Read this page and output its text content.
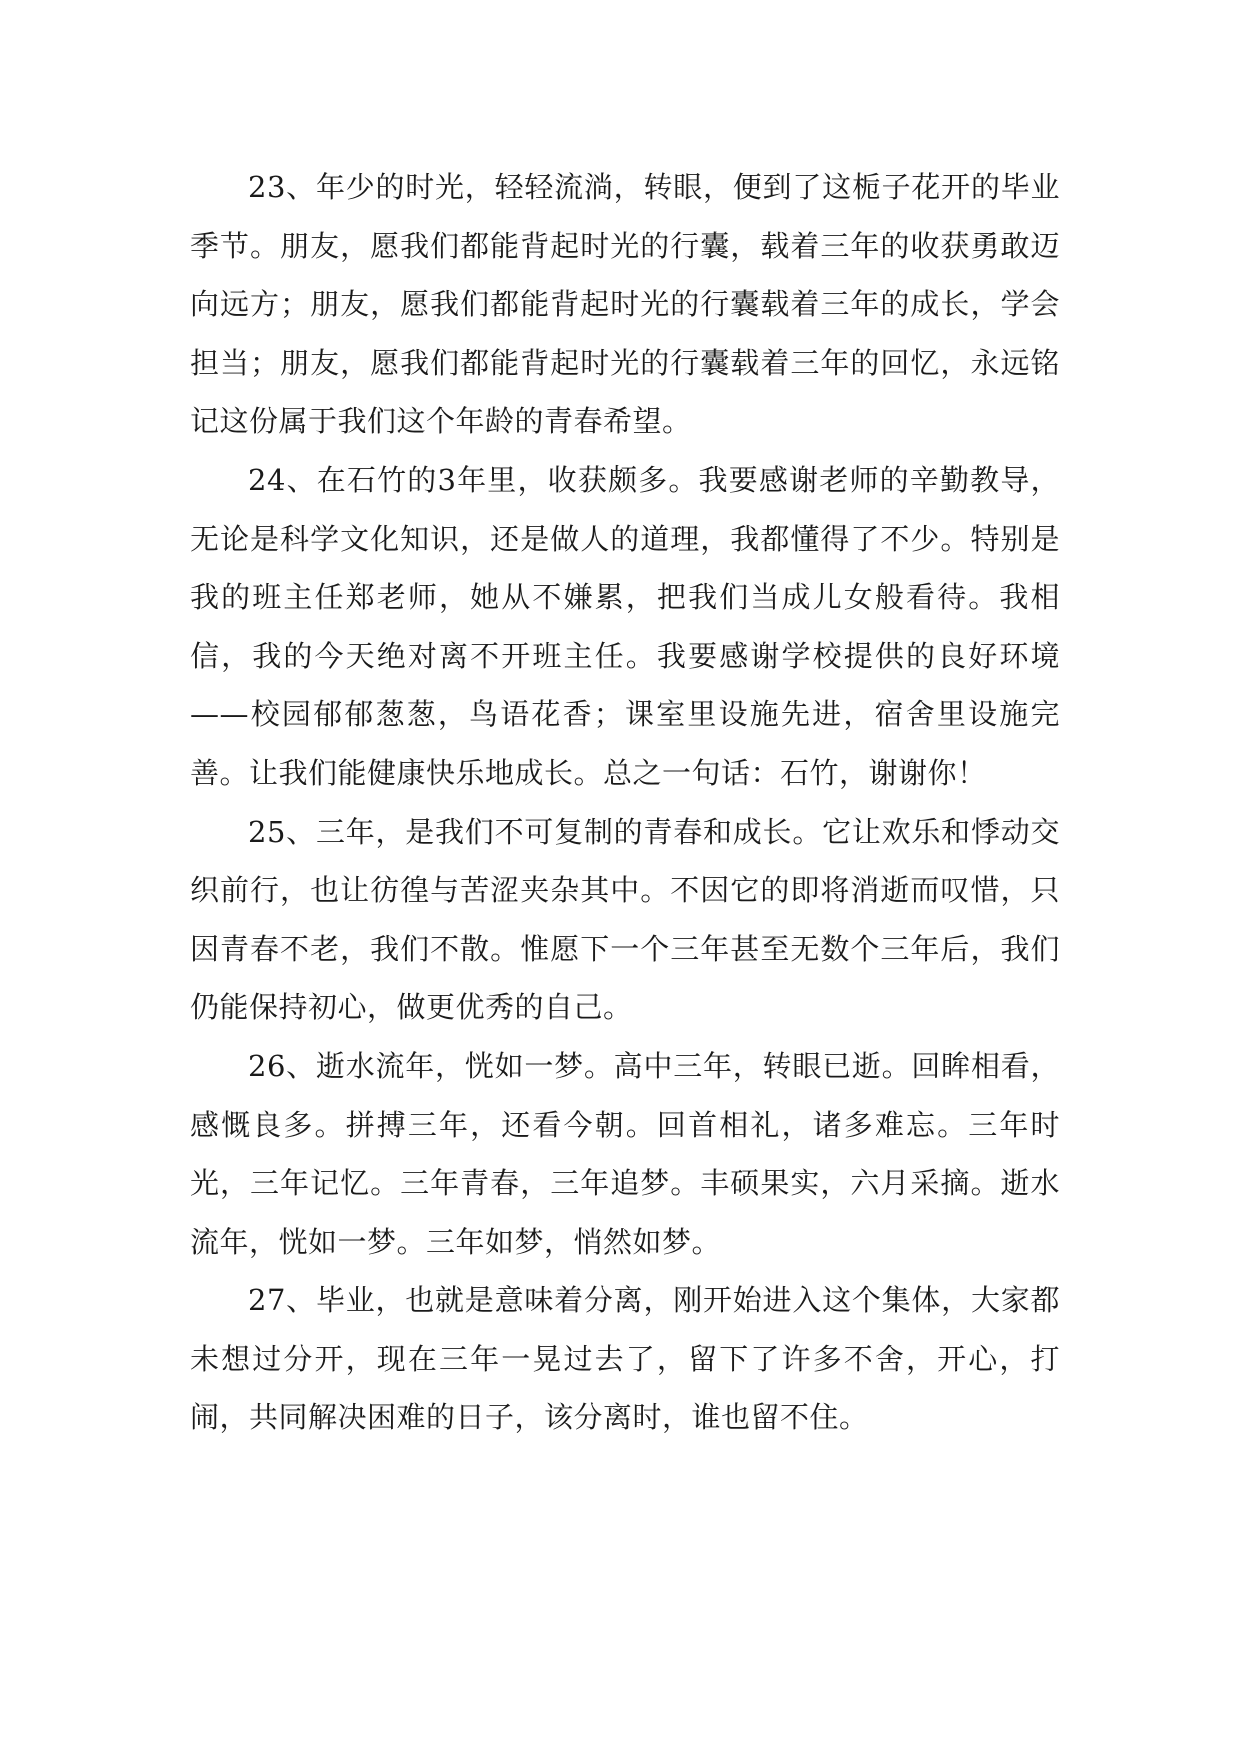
23、年少的时光，轻轻流淌，转眼，便到了这栀子花开的毕业季节。朋友，愿我们都能背起时光的行囊，载着三年的收获勇敢迈向远方；朋友，愿我们都能背起时光的行囊载着三年的成长，学会担当；朋友，愿我们都能背起时光的行囊载着三年的回忆，永远铭记这份属于我们这个年龄的青春希望。

24、在石竹的3年里，收获颇多。我要感谢老师的辛勤教导，无论是科学文化知识，还是做人的道理，我都懂得了不少。特别是我的班主任郑老师，她从不嫌累，把我们当成儿女般看待。我相信，我的今天绝对离不开班主任。我要感谢学校提供的良好环境——校园郁郁葱葱，鸟语花香；课室里设施先进，宿舍里设施完善。让我们能健康快乐地成长。总之一句话：石竹，谢谢你！

25、三年，是我们不可复制的青春和成长。它让欢乐和悸动交织前行，也让彷徨与苦涩夹杂其中。不因它的即将消逝而叹惜，只因青春不老，我们不散。惟愿下一个三年甚至无数个三年后，我们仍能保持初心，做更优秀的自己。

26、逝水流年，恍如一梦。高中三年，转眼已逝。回眸相看，感慨良多。拼搏三年，还看今朝。回首相礼，诸多难忘。三年时光，三年记忆。三年青春，三年追梦。丰硕果实，六月采摘。逝水流年，恍如一梦。三年如梦，悄然如梦。

27、毕业，也就是意味着分离，刚开始进入这个集体，大家都未想过分开，现在三年一晃过去了，留下了许多不舍，开心，打闹，共同解决困难的日子，该分离时，谁也留不住。
